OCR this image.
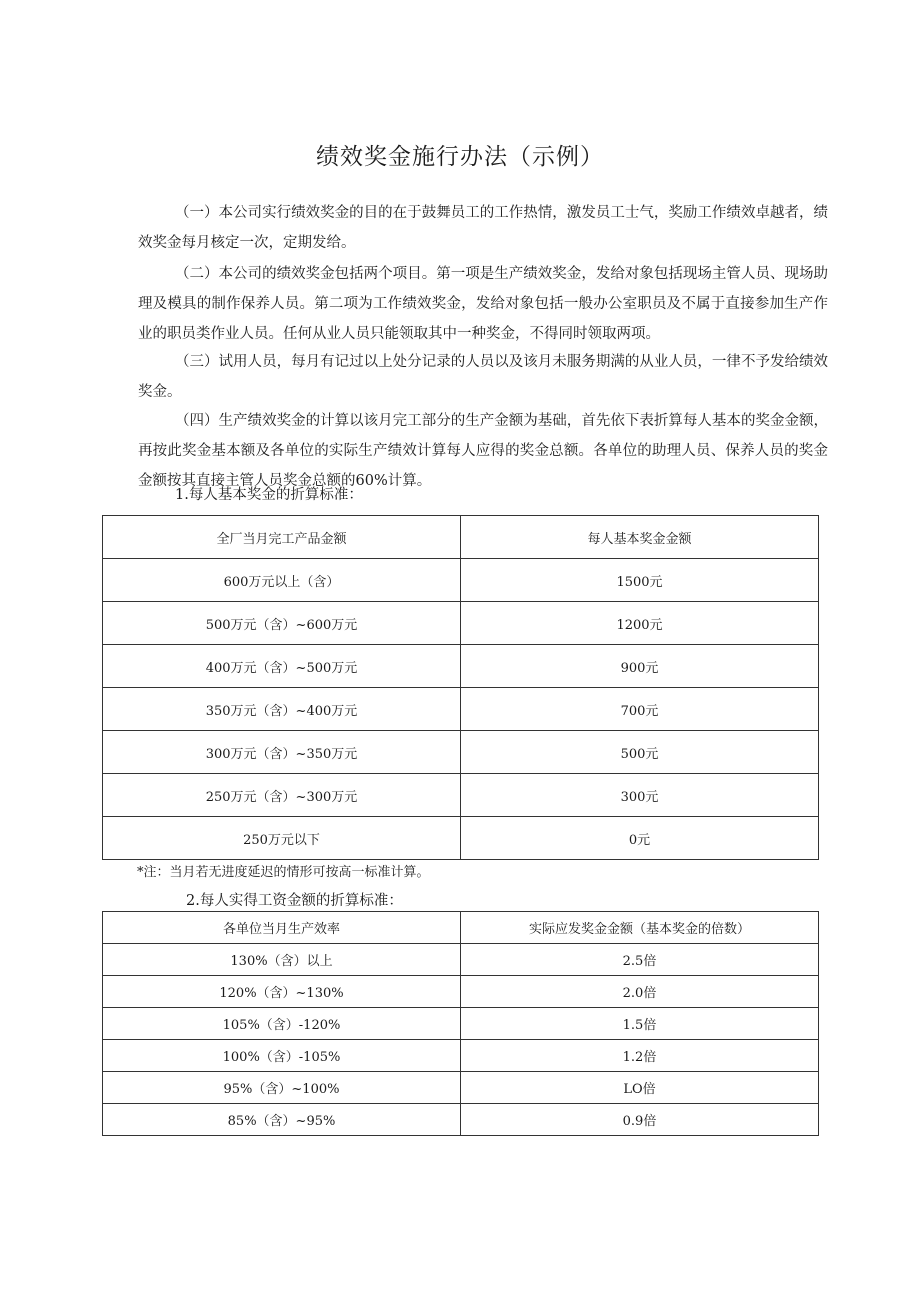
绩效奖金施行办法（示例）
（一）本公司实行绩效奖金的目的在于鼓舞员工的工作热情，激发员工士气，奖励工作绩效卓越者，绩效奖金每月核定一次，定期发给。
（二）本公司的绩效奖金包括两个项目。第一项是生产绩效奖金，发给对象包括现场主管人员、现场助理及模具的制作保养人员。第二项为工作绩效奖金，发给对象包括一般办公室职员及不属于直接参加生产作业的职员类作业人员。任何从业人员只能领取其中一种奖金，不得同时领取两项。
（三）试用人员，每月有记过以上处分记录的人员以及该月未服务期满的从业人员，一律不予发给绩效奖金。
（四）生产绩效奖金的计算以该月完工部分的生产金额为基础，首先依下表折算每人基本的奖金金额，再按此奖金基本额及各单位的实际生产绩效计算每人应得的奖金总额。各单位的助理人员、保养人员的奖金金额按其直接主管人员奖金总额的60%计算。
1.每人基本奖金的折算标准：
全厂当月完工产品金额	每人基本奖金金额
600万元以上（含）	1500元
500万元（含）~600万元	1200元
400万元（含）~500万元	900元
350万元（含）~400万元	700元
300万元（含）~350万元	500元
250万元（含）~300万元	300元
250万元以下	0元
*注：当月若无进度延迟的情形可按高一标准计算。
2.每人实得工资金额的折算标准：
各单位当月生产效率	实际应发奖金金额（基本奖金的倍数）
130%（含）以上	2.5倍
120%（含）~130%	2.0倍
105%（含）-120%	1.5倍
100%（含）-105%	1.2倍
95%（含）~100%	LO倍
85%（含）~95%	0.9倍
